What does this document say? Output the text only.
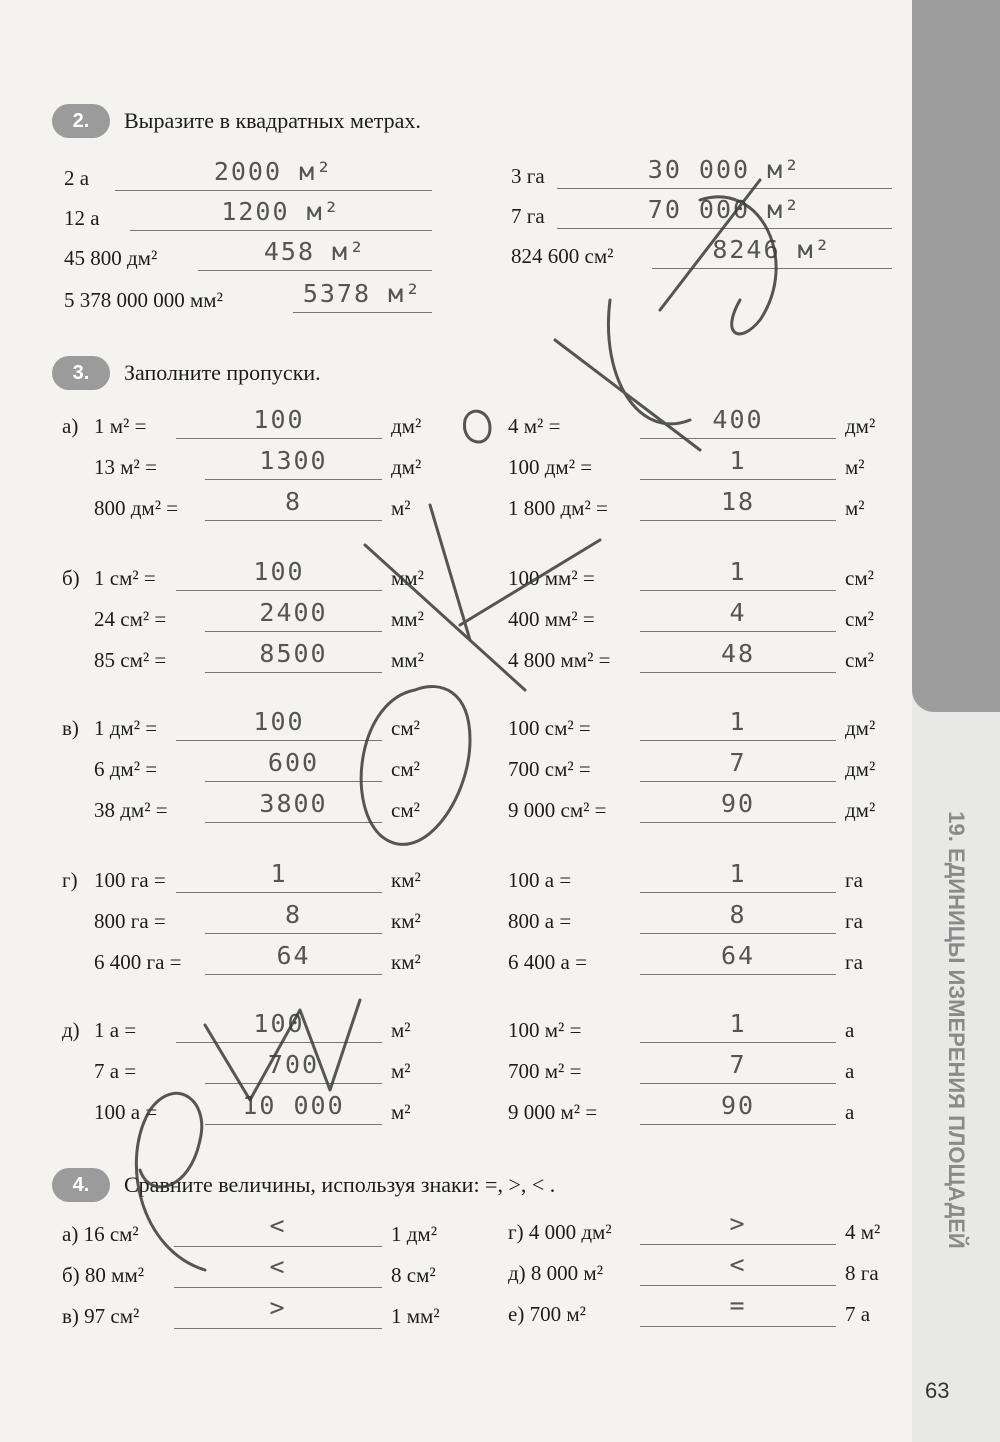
19. ЕДИНИЦЫ ИЗМЕРЕНИЯ ПЛОЩАДЕЙ
63
2.	Выразите в квадратных метрах.
2 а	2000 м²
12 а	1200 м²
45 800 дм²	458 м²
5 378 000 000 мм²	5378 м²
3 га	30 000 м²
7 га	70 000 м²
824 600 см²	8246 м²
3.	Заполните пропуски.
а) 1 м² =	100	дм²
13 м² =	1300	дм²
800 дм² =	8	м²
4 м² =	400	дм²
100 дм² =	1	м²
1 800 дм² =	18	м²
б) 1 см² =	100	мм²
24 см² =	2400	мм²
85 см² =	8500	мм²
100 мм² =	1	см²
400 мм² =	4	см²
4 800 мм² =	48	см²
в) 1 дм² =	100	см²
6 дм² =	600	см²
38 дм² =	3800	см²
100 см² =	1	дм²
700 см² =	7	дм²
9 000 см² =	90	дм²
г) 100 га =	1	км²
800 га =	8	км²
6 400 га =	64	км²
100 а =	1	га
800 а =	8	га
6 400 а =	64	га
д) 1 а =	100	м²
7 а =	700	м²
100 а =	10 000	м²
100 м² =	1	а
700 м² =	7	а
9 000 м² =	90	а
4.	Сравните величины, используя знаки: =, >, < .
а) 16 см²	<	1 дм²
б) 80 мм²	<	8 см²
в) 97 см²	>	1 мм²
г) 4 000 дм²	>	4 м²
д) 8 000 м²	<	8 га
е) 700 м²	=	7 а
